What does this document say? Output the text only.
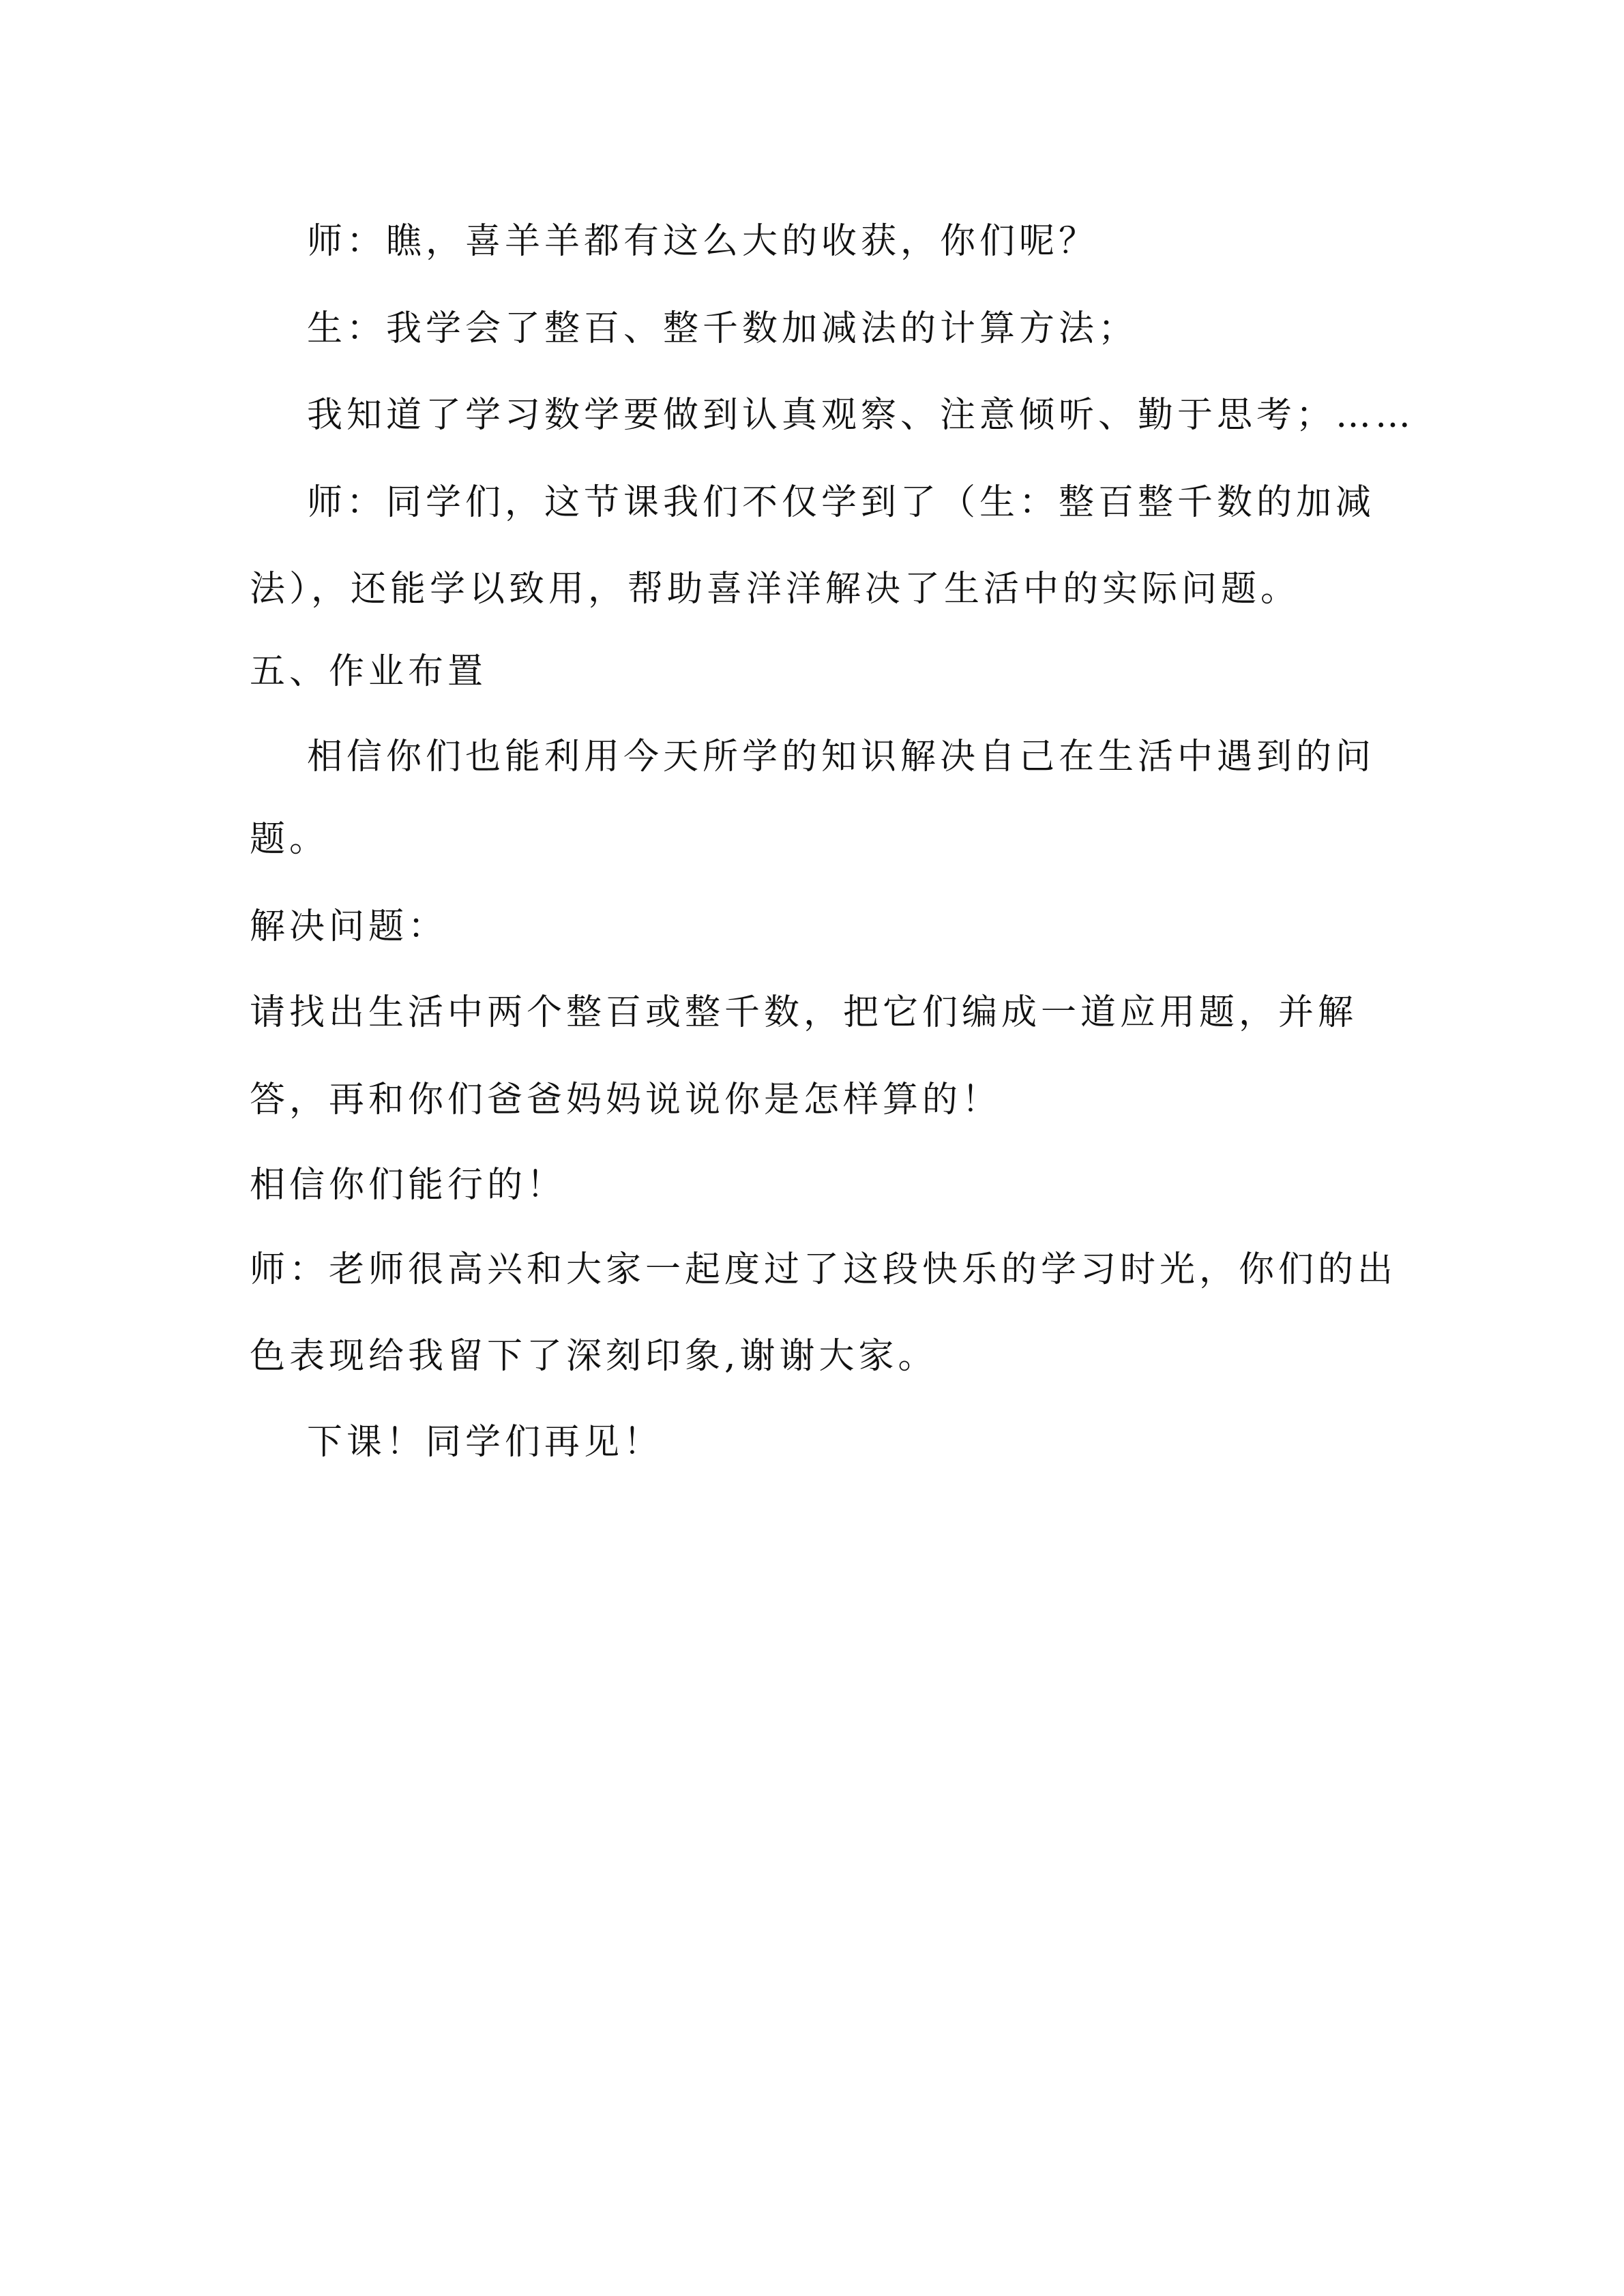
师：瞧，喜羊羊都有这么大的收获，你们呢？
生：我学会了整百、整千数加减法的计算方法；
我知道了学习数学要做到认真观察、注意倾听、勤于思考；……
师：同学们，这节课我们不仅学到了（生：整百整千数的加减
法），还能学以致用，帮助喜洋洋解决了生活中的实际问题。
五、作业布置
相信你们也能利用今天所学的知识解决自己在生活中遇到的问
题。
解决问题：
请找出生活中两个整百或整千数，把它们编成一道应用题，并解
答，再和你们爸爸妈妈说说你是怎样算的！
相信你们能行的！
师：老师很高兴和大家一起度过了这段快乐的学习时光，你们的出
色表现给我留下了深刻印象,谢谢大家。
下课！同学们再见！
